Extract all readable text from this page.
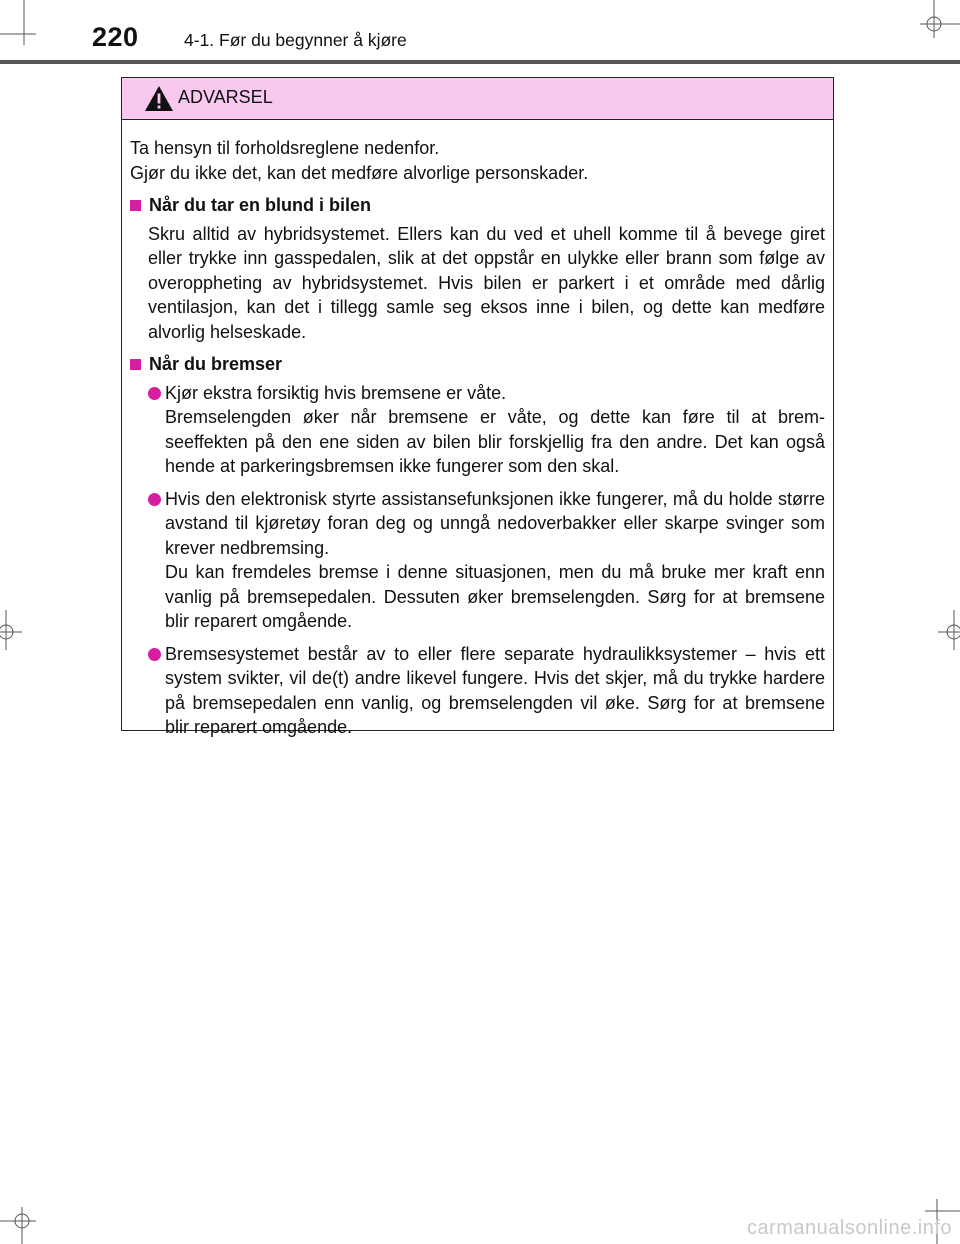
220	4-1. Før du begynner å kjøre
ADVARSEL

Ta hensyn til forholdsreglene nedenfor.

Gjør du ikke det, kan det medføre alvorlige personskader.

Når du tar en blund i bilen
Skru alltid av hybridsystemet. Ellers kan du ved et uhell komme til å bevege giret eller trykke inn gasspedalen, slik at det oppstår en ulykke eller brann som følge av overoppheting av hybridsystemet. Hvis bilen er parkert i et område med dårlig ventilasjon, kan det i tillegg samle seg eksos inne i bilen, og dette kan medføre alvorlig helseskade.
Når du bremser

Kjør ekstra forsiktig hvis bremsene er våte.

Bremselengden øker når bremsene er våte, og dette kan føre til at brem-seeffekten på den ene siden av bilen blir forskjellig fra den andre. Det kan også hende at parkeringsbremsen ikke fungerer som den skal.

Hvis den elektronisk styrte assistansefunksjonen ikke fungerer, må du holde større avstand til kjøretøy foran deg og unngå nedoverbakker eller skarpe svinger som krever nedbremsing.

Du kan fremdeles bremse i denne situasjonen, men du må bruke mer kraft enn vanlig på bremsepedalen. Dessuten øker bremselengden. Sørg for at bremsene blir reparert omgående.

Bremsesystemet består av to eller flere separate hydraulikksystemer – hvis ett system svikter, vil de(t) andre likevel fungere. Hvis det skjer, må du trykke hardere på bremsepedalen enn vanlig, og bremselengden vil øke. Sørg for at bremsene blir reparert omgående.

carmanualsonline.info
